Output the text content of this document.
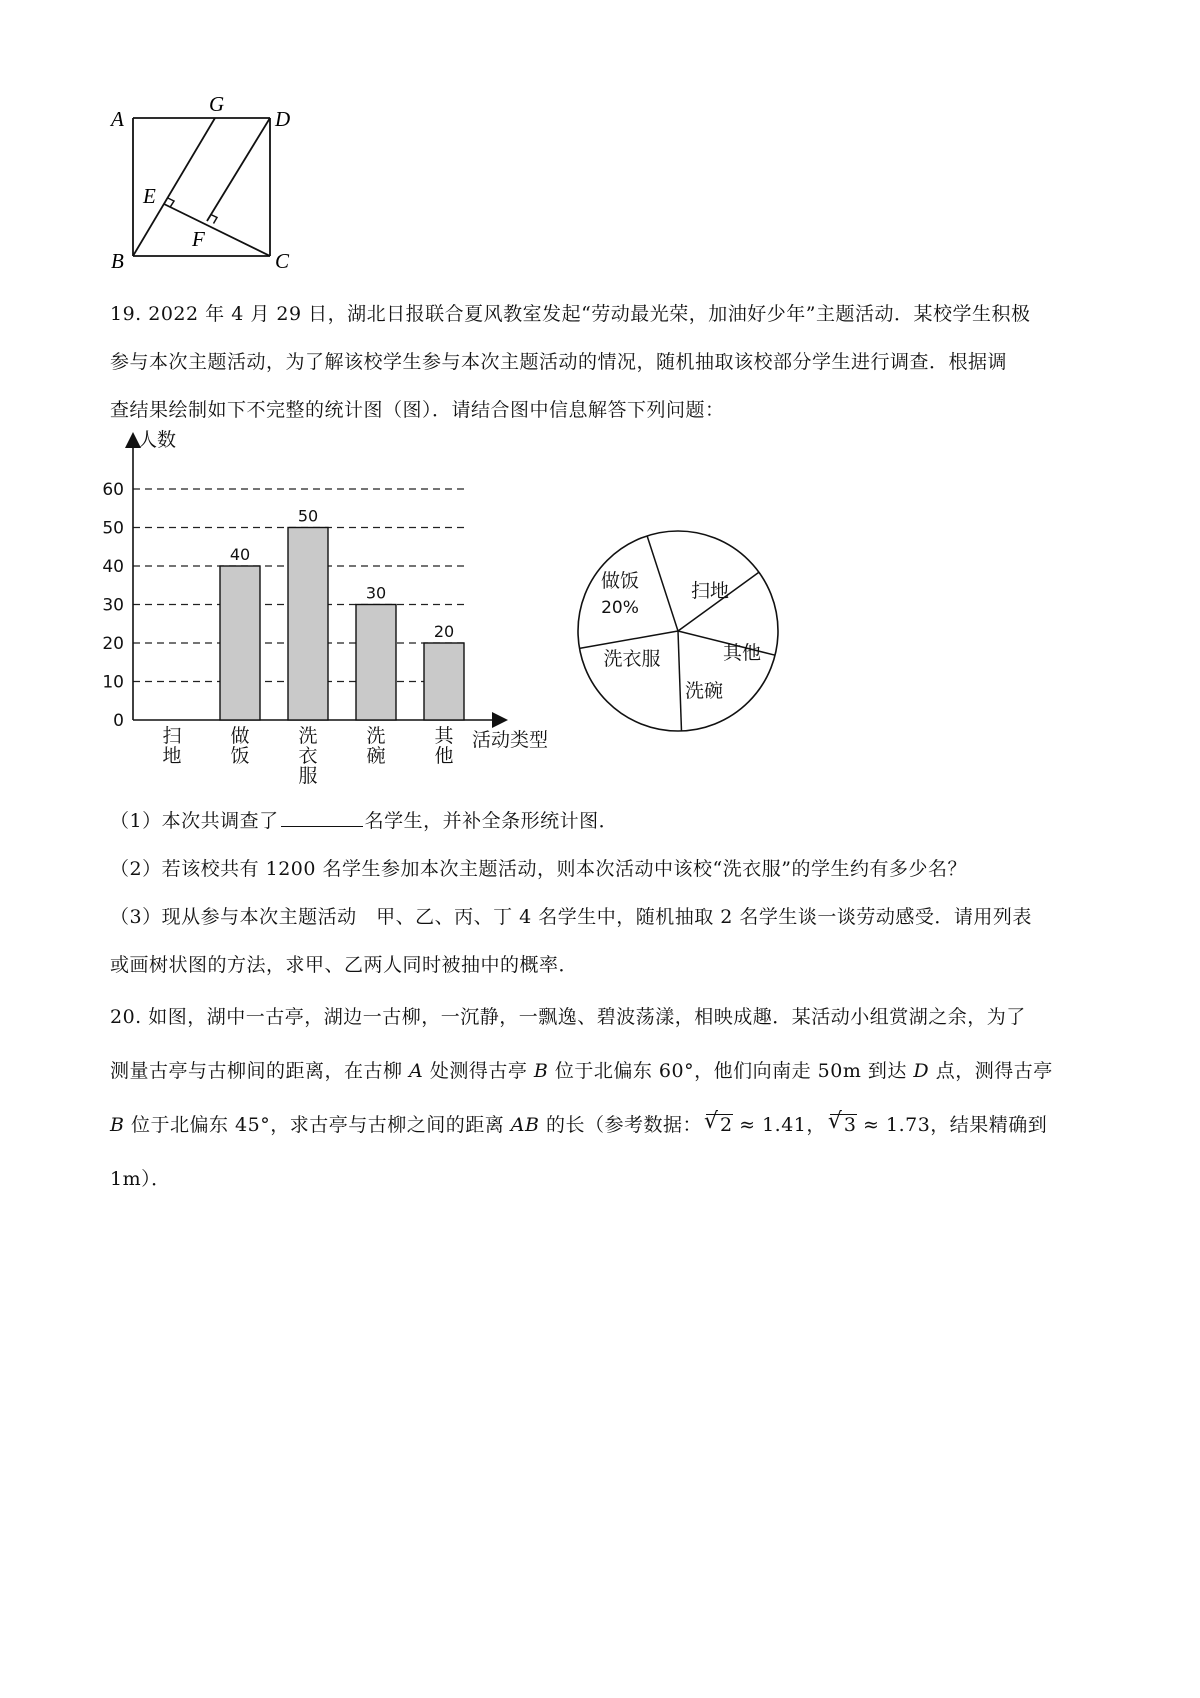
A
G
D
E
F
B	C
19. 2022 年 4 月 29 日，湖北日报联合夏风教室发起“劳动最光荣，加油好少年”主题活动．某校学生积极
参与本次主题活动，为了解该校学生参与本次主题活动的情况，随机抽取该校部分学生进行调查．根据调
查结果绘制如下不完整的统计图（图）．请结合图中信息解答下列问题：
0
10
20
30
40
50
60
人数
活动类型
扫
地
40
做
饭
50
洗
衣
服
30
洗
碗
20
其
他
做饭
20%
扫地
其他
洗碗
洗衣服
（1）本次共调查了	名学生，并补全条形统计图．
（2）若该校共有 1200 名学生参加本次主题活动，则本次活动中该校“洗衣服”的学生约有多少名？
（3）现从参与本次主题活动　甲、乙、丙、丁 4 名学生中，随机抽取 2 名学生谈一谈劳动感受．请用列表
或画树状图的方法，求甲、乙两人同时被抽中的概率．
20. 如图，湖中一古亭，湖边一古柳，一沉静，一飘逸、碧波荡漾，相映成趣．某活动小组赏湖之余，为了
测量古亭与古柳间的距离，在古柳 A 处测得古亭 B 位于北偏东 60°，他们向南走 50m 到达 D 点，测得古亭
B 位于北偏东 45°，求古亭与古柳之间的距离 AB 的长（参考数据： √ 2 ≈ 1.41， √ 3 ≈ 1.73，结果精确到
1m）．
